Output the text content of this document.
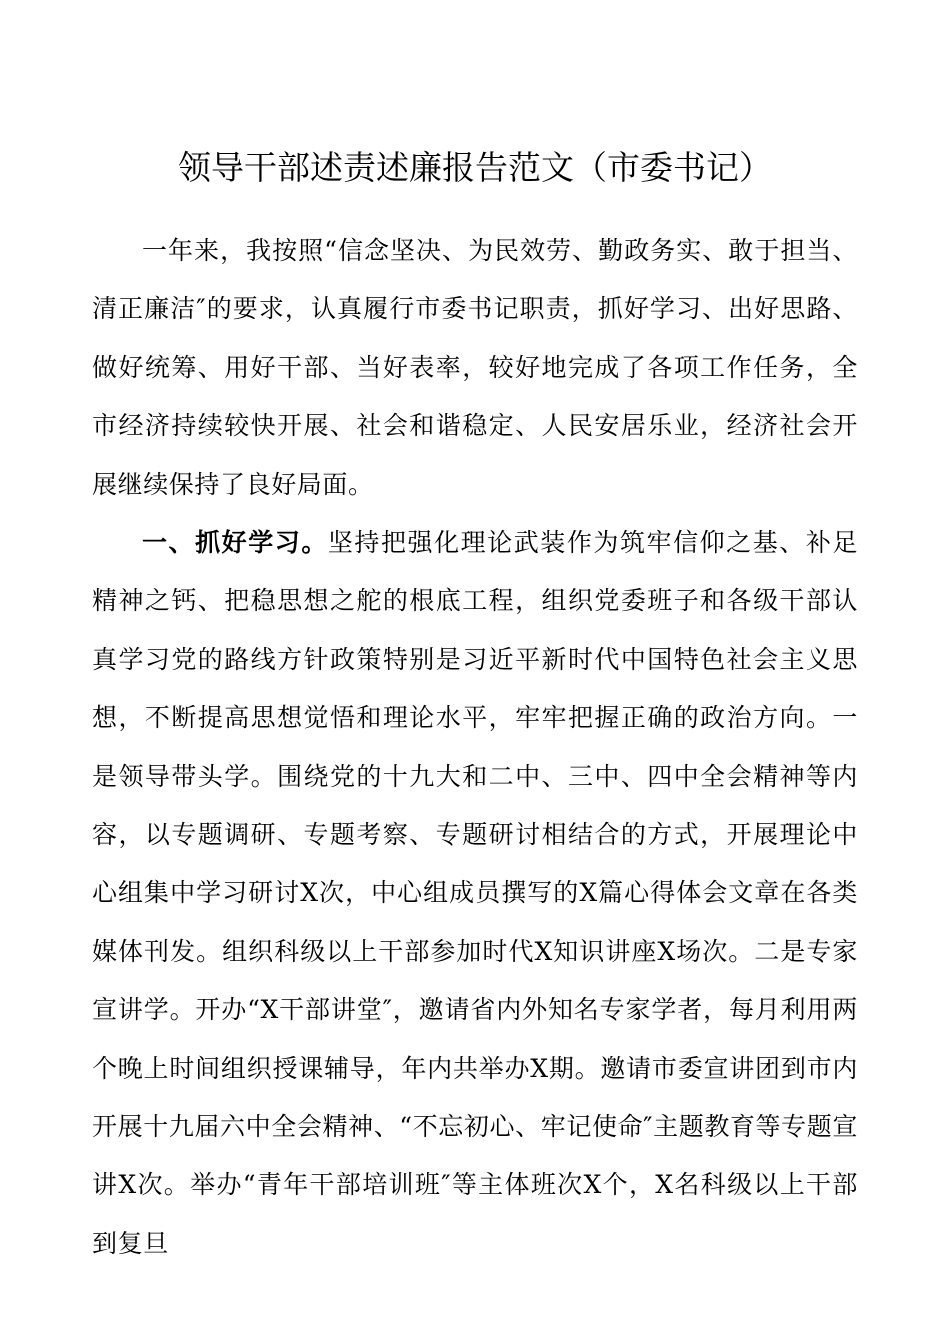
领导干部述责述廉报告范文（市委书记）

一年来，我按照“信念坚决、为民效劳、勤政务实、敢于担当、清正廉洁″的要求，认真履行市委书记职责，抓好学习、出好思路、做好统筹、用好干部、当好表率，较好地完成了各项工作任务，全市经济持续较快开展、社会和谐稳定、人民安居乐业，经济社会开展继续保持了良好局面。

一、抓好学习。坚持把强化理论武装作为筑牢信仰之基、补足精神之钙、把稳思想之舵的根底工程，组织党委班子和各级干部认真学习党的路线方针政策特别是习近平新时代中国特色社会主义思想，不断提高思想觉悟和理论水平，牢牢把握正确的政治方向。一是领导带头学。围绕党的十九大和二中、三中、四中全会精神等内容，以专题调研、专题考察、专题研讨相结合的方式，开展理论中心组集中学习研讨X次，中心组成员撰写的X篇心得体会文章在各类媒体刊发。组织科级以上干部参加时代X知识讲座X场次。二是专家宣讲学。开办“X干部讲堂″，邀请省内外知名专家学者，每月利用两个晚上时间组织授课辅导，年内共举办X期。邀请市委宣讲团到市内开展十九届六中全会精神、“不忘初心、牢记使命″主题教育等专题宣讲X次。举办“青年干部培训班″等主体班次X个，X名科级以上干部到复旦
